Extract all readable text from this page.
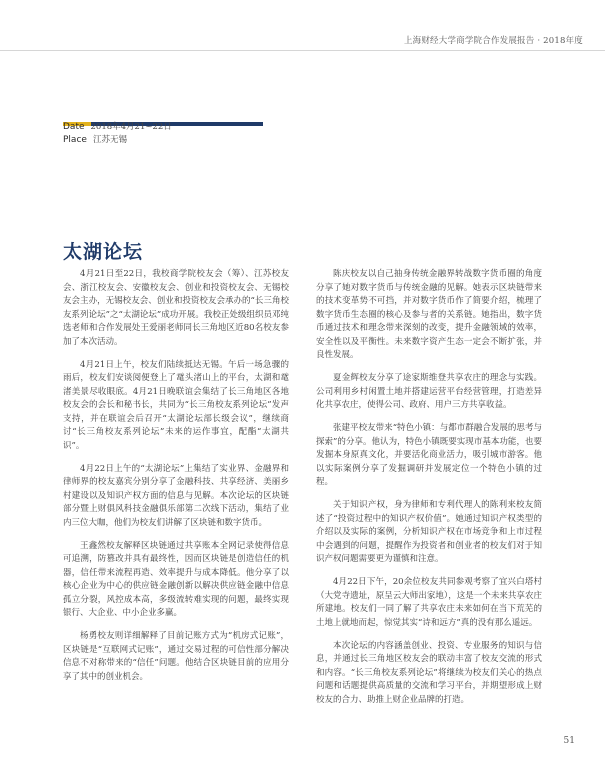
上海财经大学商学院合作发展报告 · 2018年度
Date 2018年4月21~22日
Place 江苏无锡
太湖论坛

4月21日至22日，我校商学院校友会（筹）、江苏校友会、浙江校友会、安徽校友会、创业和投资校友会、无锡校友会主办，无锡校友会、创业和投资校友会承办的“长三角校友系列论坛”之“太湖论坛”成功开展。我校正处级组织员邓纯选老师和合作发展处王爱丽老师同长三角地区近80名校友参加了本次活动。

4月21日上午，校友们陆续抵达无锡。午后一场急骤的雨后，校友们安谈阅便登上了鼋头渚山上的平台，太湖和鼋渚美景尽收眼底。4月21日晚联谊会集结了长三角地区各地校友会的会长和秘书长，共同为“长三角校友系列论坛”发声支持，并在联谊会后召开“太湖论坛部长级会议”，继续商讨“长三角校友系列论坛”未来的运作事宜，配酯“太湖共识”。

4月22日上午的“太湖论坛”上集结了实业界、金融界和律师界的校友嘉宾分别分享了金融科技、共享经济、美丽乡村建设以及知识产权方面的信息与见解。本次论坛的区块链部分暨上财俱风科技金融俱乐部第二次线下活动，集结了业内三位大咖，他们为校友们讲解了区块链和数字货币。

王鑫然校友解释区块链通过共享账本全网记录使得信息可追溯，防篡改并具有最终性，因而区块链是创造信任的机器，信任带来流程再造、效率提升与成本降低。他分享了以核心企业为中心的供应链金融创新以解决供应链金融中信息孤立分裂，风控成本高，多级流转难实现的问题，最终实现银行、大企业、中小企业多赢。

杨勇校友则详细解释了目前记账方式为“机房式记账”，区块链是“互联网式记账”，通过交易过程的可信性部分解决信息不对称带来的“信任”问题。他结合区块链目前的应用分享了其中的创业机会。

陈庆校友以自己抽身传统金融界转战数字货币圈的角度分享了她对数字货币与传统金融的见解。她表示区块链带来的技术变革势不可挡，并对数字货币作了简要介绍，梳理了数字货币生态圈的核心及参与者的关系链。她指出，数字货币通过技术和理念带来深刻的改变，提升金融领域的效率，安全性以及平衡性。未来数字资产生态一定会不断扩张，并良性发展。

夏金辉校友分享了途家斯维登共享农庄的理念与实践。公司利用乡村闲置土地并搭建运营平台经营管理，打造差异化共享农庄，使得公司、政府、用户三方共享收益。

张建平校友带来“特色小镇：与都市群融合发展的思考与探索”的分享。他认为，特色小镇既要实现市基本功能，也要发掘本身原真文化，并要活化商业活力，吸引城市游客。他以实际案例分享了发掘调研并发展定位一个特色小镇的过程。

关于知识产权，身为律师和专利代理人的陈利来校友简述了“投资过程中的知识产权价值”。她通过知识产权类型的介绍以及实际的案例，分析知识产权在市场竞争和上市过程中会遇到的问题，提醒作为投资者和创业者的校友们对于知识产权问题需要更为谨慎和注意。

4月22日下午，20余位校友共同参观考察了宜兴白塔村（大党寺遗址，原呈云大师出家地），这是一个未来共享农庄所建地。校友们一同了解了共享农庄未来如何在当下荒芜的土地上就地而起，惊觉其实“诗和远方”真的没有那么遥远。

本次论坛的内容涵盖创业、投资、专业服务的知识与信息，并通过长三角地区校友会的联动丰富了校友交流的形式和内容。“长三角校友系列论坛”将继续为校友们关心的热点问题和话题提供高质量的交流和学习平台，并期望形成上财校友的合力、助推上财企业品牌的打造。

51
